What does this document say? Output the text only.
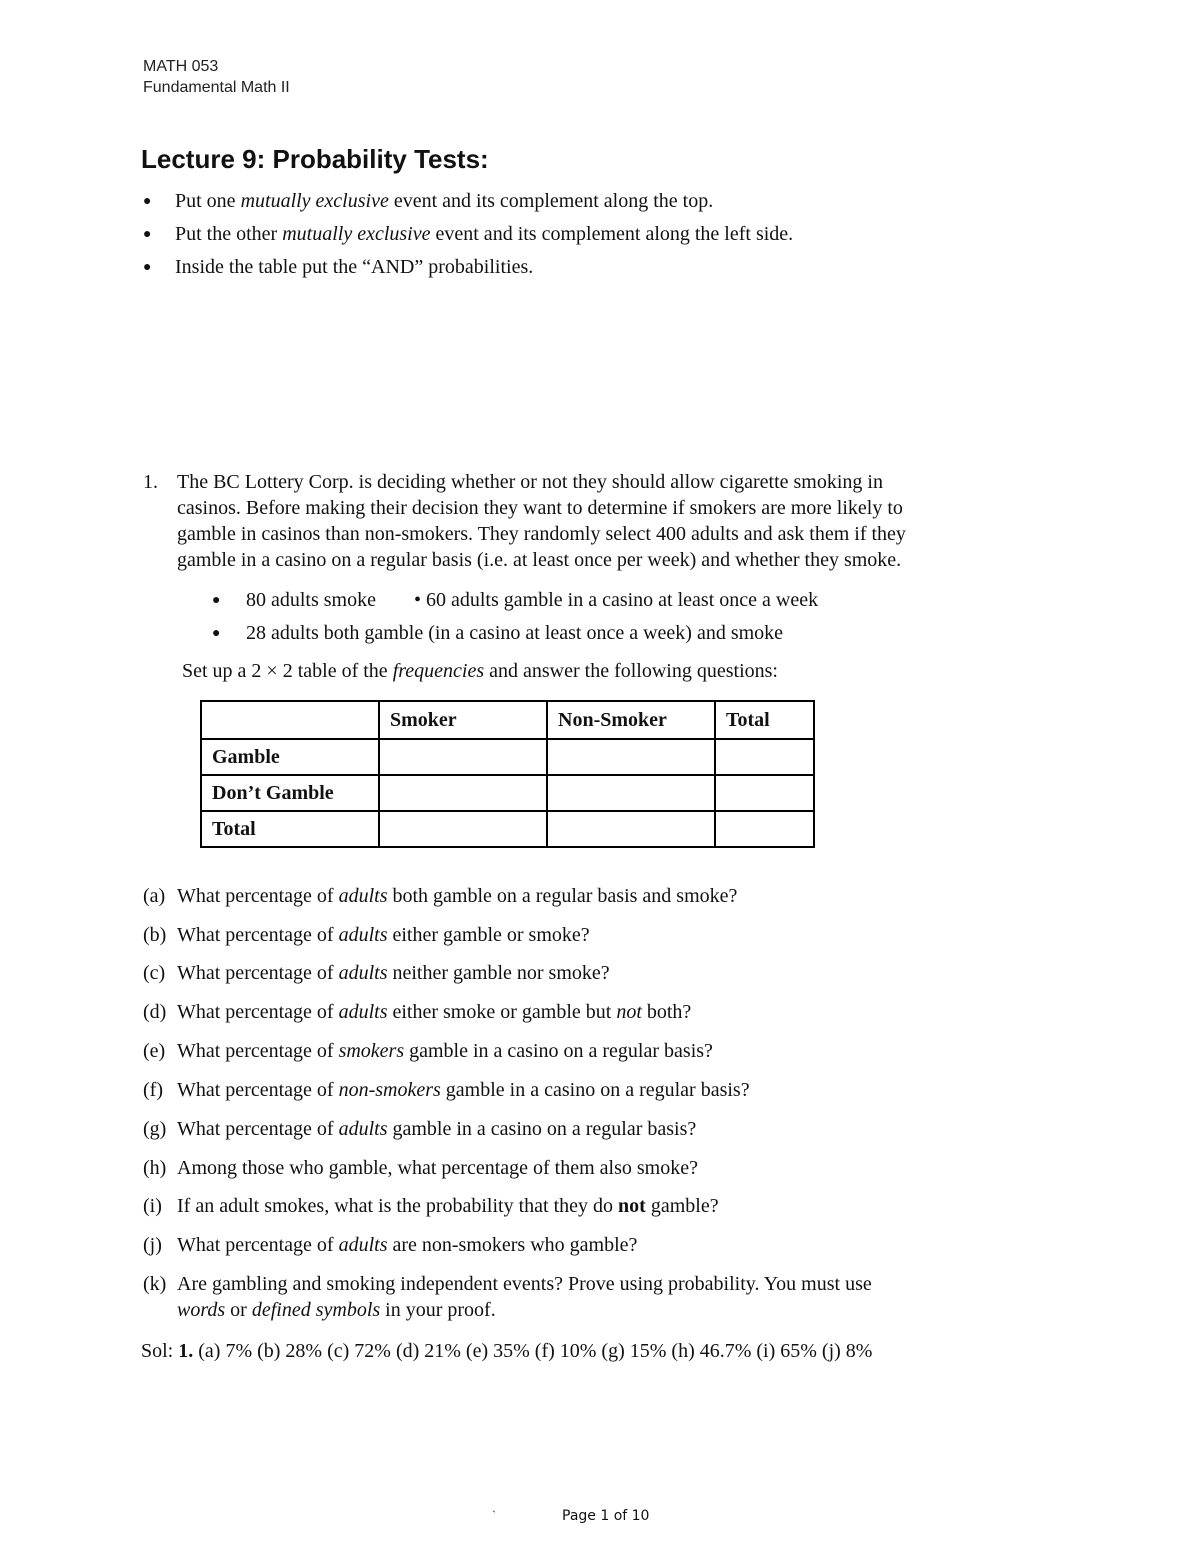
MATH 053
Fundamental Math II
Lecture 9: Probability Tests:
● Put one mutually exclusive event and its complement along the top.
● Put the other mutually exclusive event and its complement along the left side.
● Inside the table put the “AND” probabilities.
1. The BC Lottery Corp. is deciding whether or not they should allow cigarette smoking in
casinos. Before making their decision they want to determine if smokers are more likely to
gamble in casinos than non-smokers. They randomly select 400 adults and ask them if they
gamble in a casino on a regular basis (i.e. at least once per week) and whether they smoke.
● 80 adults smoke • 60 adults gamble in a casino at least once a week
● 28 adults both gamble (in a casino at least once a week) and smoke
Set up a 2 × 2 table of the frequencies and answer the following questions:
	Smoker	Non-Smoker	Total
Gamble			
Don’t Gamble			
Total			
(a) What percentage of adults both gamble on a regular basis and smoke?
(b) What percentage of adults either gamble or smoke?
(c) What percentage of adults neither gamble nor smoke?
(d) What percentage of adults either smoke or gamble but not both?
(e) What percentage of smokers gamble in a casino on a regular basis?
(f) What percentage of non-smokers gamble in a casino on a regular basis?
(g) What percentage of adults gamble in a casino on a regular basis?
(h) Among those who gamble, what percentage of them also smoke?
(i) If an adult smokes, what is the probability that they do not gamble?
(j) What percentage of adults are non-smokers who gamble?
(k) Are gambling and smoking independent events? Prove using probability. You must use
words or defined symbols in your proof.
Sol: 1. (a) 7% (b) 28% (c) 72% (d) 21% (e) 35% (f) 10% (g) 15% (h) 46.7% (i) 65% (j) 8%
`	Page 1 of 10
